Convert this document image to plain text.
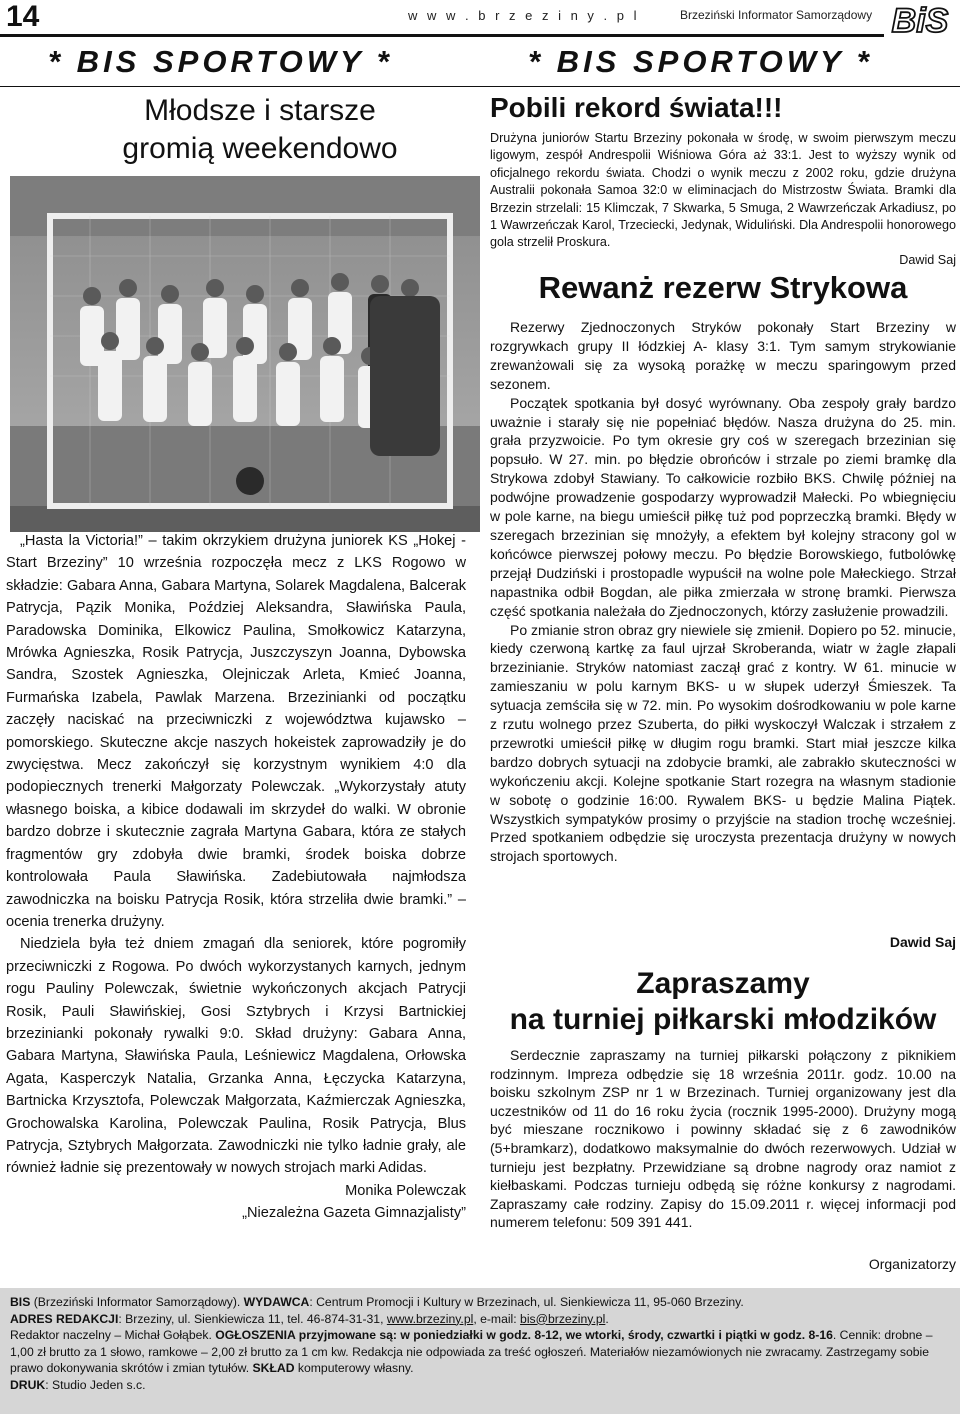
14	w w w . b r z e z i n y . p l	Brzeziński Informator Samorządowy BiS
* BIS SPORTOWY *	* BIS SPORTOWY *
Młodsze i starsze
gromią weekendowo

„Hasta la Victoria!” – takim okrzykiem drużyna juniorek KS „Hokej - Start Brzeziny” 10 września rozpoczęła mecz z LKS Rogowo w składzie: Gabara Anna, Gabara Martyna, Solarek Magdalena, Balcerak Patrycja, Pązik Monika, Poździej Aleksandra, Sławińska Paula, Paradowska Dominika, Elkowicz Paulina, Smołkowicz Katarzyna, Mrówka Agnieszka, Rosik Patrycja, Juszczyszyn Joanna, Dybowska Sandra, Szostek Agnieszka, Olejniczak Arleta, Kmieć Joanna, Furmańska Izabela, Pawlak Marzena. Brzezinianki od początku zaczęły naciskać na przeciwniczki z województwa kujawsko – pomorskiego. Skuteczne akcje naszych hokeistek zaprowadziły je do zwycięstwa. Mecz zakończył się korzystnym wynikiem 4:0 dla podopiecznych trenerki Małgorzaty Polewczak. „Wykorzystały atuty własnego boiska, a kibice dodawali im skrzydeł do walki. W obronie bardzo dobrze i skutecznie zagrała Martyna Gabara, która ze stałych fragmentów gry zdobyła dwie bramki, środek boiska dobrze kontrolowała Paula Sławińska. Zadebiutowała najmłodsza zawodniczka na boisku Patrycja Rosik, która strzeliła dwie bramki.” – ocenia trenerka drużyny.

Niedziela była też dniem zmagań dla seniorek, które pogromiły przeciwniczki z Rogowa. Po dwóch wykorzystanych karnych, jednym rogu Pauliny Polewczak, świetnie wykończonych akcjach Patrycji Rosik, Pauli Sławińskiej, Gosi Sztybrych i Krzysi Bartnickiej brzezinianki pokonały rywalki 9:0. Skład drużyny: Gabara Anna, Gabara Martyna, Sławińska Paula, Leśniewicz Magdalena, Orłowska Agata, Kasperczyk Natalia, Grzanka Anna, Łęczycka Katarzyna, Bartnicka Krzysztofa, Polewczak Małgorzata, Kaźmierczak Agnieszka, Grochowalska Karolina, Polewczak Paulina, Rosik Patrycja, Blus Patrycja, Sztybrych Małgorzata. Zawodniczki nie tylko ładnie grały, ale również ładnie się prezentowały w nowych strojach marki Adidas.

Monika Polewczak
„Niezależna Gazeta Gimnazjalisty”
Pobili rekord świata!!!
Drużyna juniorów Startu Brzeziny pokonała w środę, w swoim pierwszym meczu ligowym, zespół Andrespolii Wiśniowa Góra aż 33:1. Jest to wyższy wynik od oficjalnego rekordu świata. Chodzi o wynik meczu z 2002 roku, gdzie drużyna Australii pokonała Samoa 32:0 w eliminacjach do Mistrzostw Świata. Bramki dla Brzezin strzelali: 15 Klimczak, 7 Skwarka, 5 Smuga, 2 Wawrzeńczak Arkadiusz, po 1 Wawrzeńczak Karol, Trzeciecki, Jedynak, Widuliński. Dla Andrespolii honorowego gola strzelił Proskura.
Dawid Saj
Rewanż rezerw Strykowa

Rezerwy Zjednoczonych Stryków pokonały Start Brzeziny w rozgrywkach grupy II łódzkiej A- klasy 3:1. Tym samym strykowianie zrewanżowali się za wysoką porażkę w meczu sparingowym przed sezonem.

Początek spotkania był dosyć wyrównany. Oba zespoły grały bardzo uważnie i starały się nie popełniać błędów. Nasza drużyna do 25. min. grała przyzwoicie. Po tym okresie gry coś w szeregach brzezinian się popsuło. W 27. min. po błędzie obrońców i strzale po ziemi bramkę dla Strykowa zdobył Stawiany. To całkowicie rozbiło BKS. Chwilę później na podwójne prowadzenie gospodarzy wyprowadził Małecki. Po wbiegnięciu w pole karne, na biegu umieścił piłkę tuż pod poprzeczką bramki. Błędy w szeregach brzezinian się mnożyły, a efektem był kolejny stracony gol w końcówce pierwszej połowy meczu. Po błędzie Borowskiego, futbolówkę przejął Dudziński i prostopadle wypuścił na wolne pole Małeckiego. Strzał napastnika odbił Bogdan, ale piłka zmierzała w stronę bramki. Pierwsza część spotkania należała do Zjednoczonych, którzy zasłużenie prowadzili.

Po zmianie stron obraz gry niewiele się zmienił. Dopiero po 52. minucie, kiedy czerwoną kartkę za faul ujrzał Skroberanda, wiatr w żagle złapali brzezinianie. Stryków natomiast zaczął grać z kontry. W 61. minucie w zamieszaniu w polu karnym BKS- u w słupek uderzył Śmieszek. Ta sytuacja zemściła się w 72. min. Po wysokim dośrodkowaniu w pole karne z rzutu wolnego przez Szuberta, do piłki wyskoczył Walczak i strzałem z przewrotki umieścił piłkę w długim rogu bramki. Start miał jeszcze kilka bardzo dobrych sytuacji na zdobycie bramki, ale zabrakło skuteczności w wykończeniu akcji. Kolejne spotkanie Start rozegra na własnym stadionie w sobotę o godzinie 16:00. Rywalem BKS- u będzie Malina Piątek. Wszystkich sympatyków prosimy o przyjście na stadion trochę wcześniej. Przed spotkaniem odbędzie się uroczysta prezentacja drużyny w nowych strojach sportowych.

Dawid Saj
Zapraszamy
na turniej piłkarski młodzików

Serdecznie zapraszamy na turniej piłkarski połączony z piknikiem rodzinnym. Impreza odbędzie się 18 września 2011r. godz. 10.00 na boisku szkolnym ZSP nr 1 w Brzezinach. Turniej organizowany jest dla uczestników od 11 do 16 roku życia (rocznik 1995-2000). Drużyny mogą być mieszane rocznikowo i powinny składać się z 6 zawodników (5+bramkarz), dodatkowo maksymalnie do dwóch rezerwowych. Udział w turnieju jest bezpłatny. Przewidziane są drobne nagrody oraz namiot z kiełbaskami. Podczas turnieju odbędą się różne konkursy z nagrodami. Zapraszamy całe rodziny. Zapisy do 15.09.2011 r. więcej informacji pod numerem telefonu: 509 391 441.

Organizatorzy
BIS (Brzeziński Informator Samorządowy). WYDAWCA: Centrum Promocji i Kultury w Brzezinach, ul. Sienkiewicza 11, 95-060 Brzeziny.
ADRES REDAKCJI: Brzeziny, ul. Sienkiewicza 11, tel. 46-874-31-31, www.brzeziny.pl, e-mail: bis@brzeziny.pl.
Redaktor naczelny – Michał Gołąbek. OGŁOSZENIA przyjmowane są: w poniedziałki w godz. 8-12, we wtorki, środy, czwartki i piątki w godz. 8-16. Cennik: drobne – 1,00 zł brutto za 1 słowo, ramkowe – 2,00 zł brutto za 1 cm kw. Redakcja nie odpowiada za treść ogłoszeń. Materiałów niezamówionych nie zwracamy. Zastrzegamy sobie prawo dokonywania skrótów i zmian tytułów. SKŁAD komputerowy własny.
DRUK: Studio Jeden s.c.
